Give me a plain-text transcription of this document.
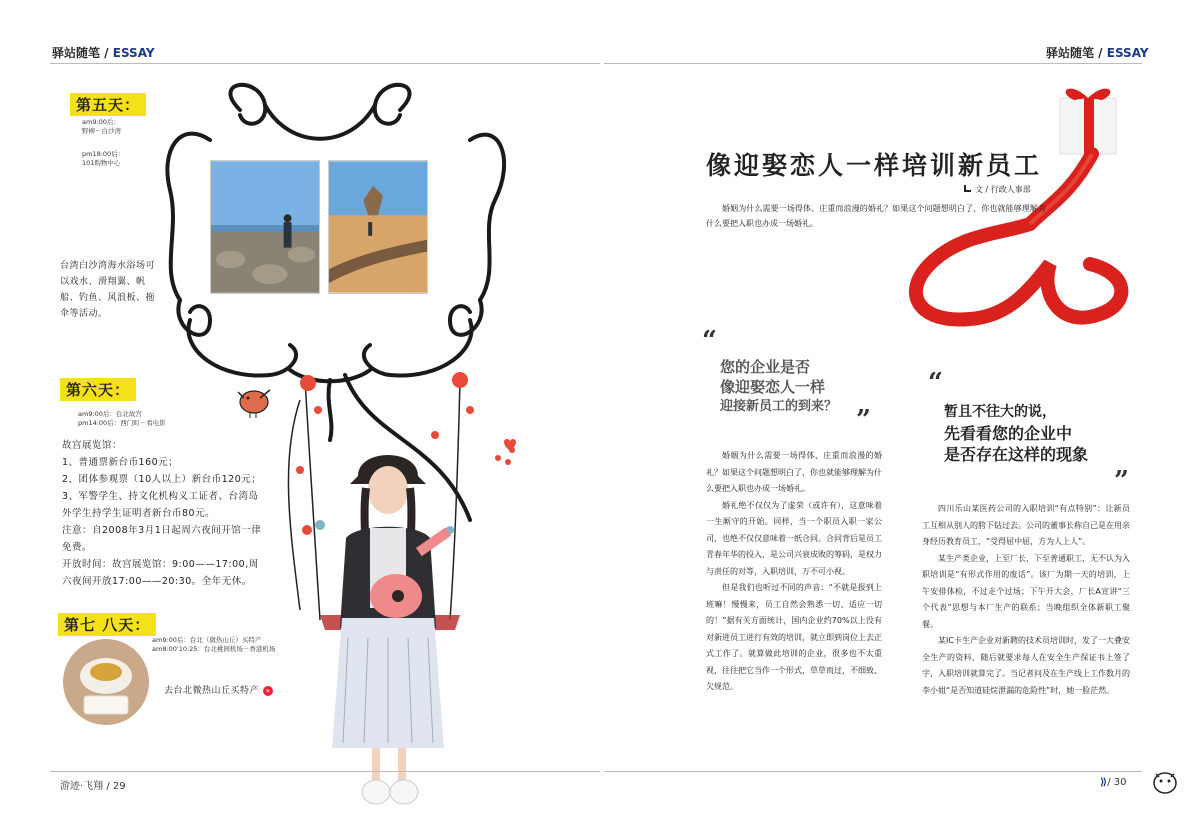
驿站随笔 / ESSAY	驿站随笔 / ESSAY
第五天：
am9:00后：
野柳－白沙湾
pm18:00后：
101购物中心
台湾白沙湾海水浴场可以戏水、滑翔翼、帆船、钓鱼、风浪板、拖伞等活动。
第六天：
am9:00后：台北故宫
pm14:00后：西门町－看电影
故宫展览馆：
1、普通票新台币160元；
2、团体参观票（10人以上）新台币120元；
3、军警学生、持文化机构义工证者、台湾岛
外学生持学生证明者新台币80元。
注意：自2008年3月1日起周六夜间开馆一律
免费。
开放时间：故宫展览馆：9:00——17:00,周
六夜间开放17:00——20:30。全年无休。
第七 八天：
am9:00后：台北（微热山丘）买特产
am8:00'10:25：台北桃园机场－香港机场
去台北微热山丘买特产 »
像迎娶恋人一样培训新员工
文 / 行政人事部

婚姻为什么需要一场得体、庄重而浪漫的婚礼？如果这个问题想明白了，你也就能够理解为什么要把入职也办成一场婚礼。

“
您的企业是否
像迎娶恋人一样
迎接新员工的到来？ ”
“
暂且不往大的说，
先看看您的企业中
是否存在这样的现象
”

婚姻为什么需要一场得体、庄重而浪漫的婚礼？如果这个问题想明白了，你也就能够理解为什么要把入职也办成一场婚礼。

婚礼绝不仅仅为了虚荣（或许有），这意味着一生厮守的开始。同样，当一个职员入职一家公司，也绝不仅仅意味着一纸合同。合同背后是员工青春年华的投入，是公司兴衰成败的筹码，是权力与责任的对等，入职培训，万不可小视。

但是我们也听过不同的声音：“不就是报到上班嘛！慢慢来，员工自然会熟悉一切、适应一切的！”据有关方面统计，国内企业约70%以上没有对新进员工进行有效的培训，就立即到岗位上去正式工作了。就算做此培训的企业，很多也不太重视，往往把它当作一个形式，草草而过，不细致、欠规范。

四川乐山某医药公司的入职培训“有点特别”：让新员工互相从别人的胯下钻过去。公司的董事长称自己是在用亲身经历教育员工，“受得屈中屈，方为人上人”。

某生产类企业，上至厂长，下至普通职工，无不认为入职培训是“有形式作用的废话”。该厂为期一天的培训，上午安排体检，不过走个过场；下午开大会，厂长A宣讲“三个代表”思想与本厂生产的联系；当晚组织全体新职工聚餐。

某IC卡生产企业对新聘的技术员培训时，发了一大叠安全生产的资料，随后就要求每人在安全生产保证书上签了字，入职培训就算完了。当记者问及在生产线上工作数月的李小姐“是否知道硅烷泄漏的危险性”时，她一脸茫然。

游迹·飞翔 / 29	⟫/ 30
